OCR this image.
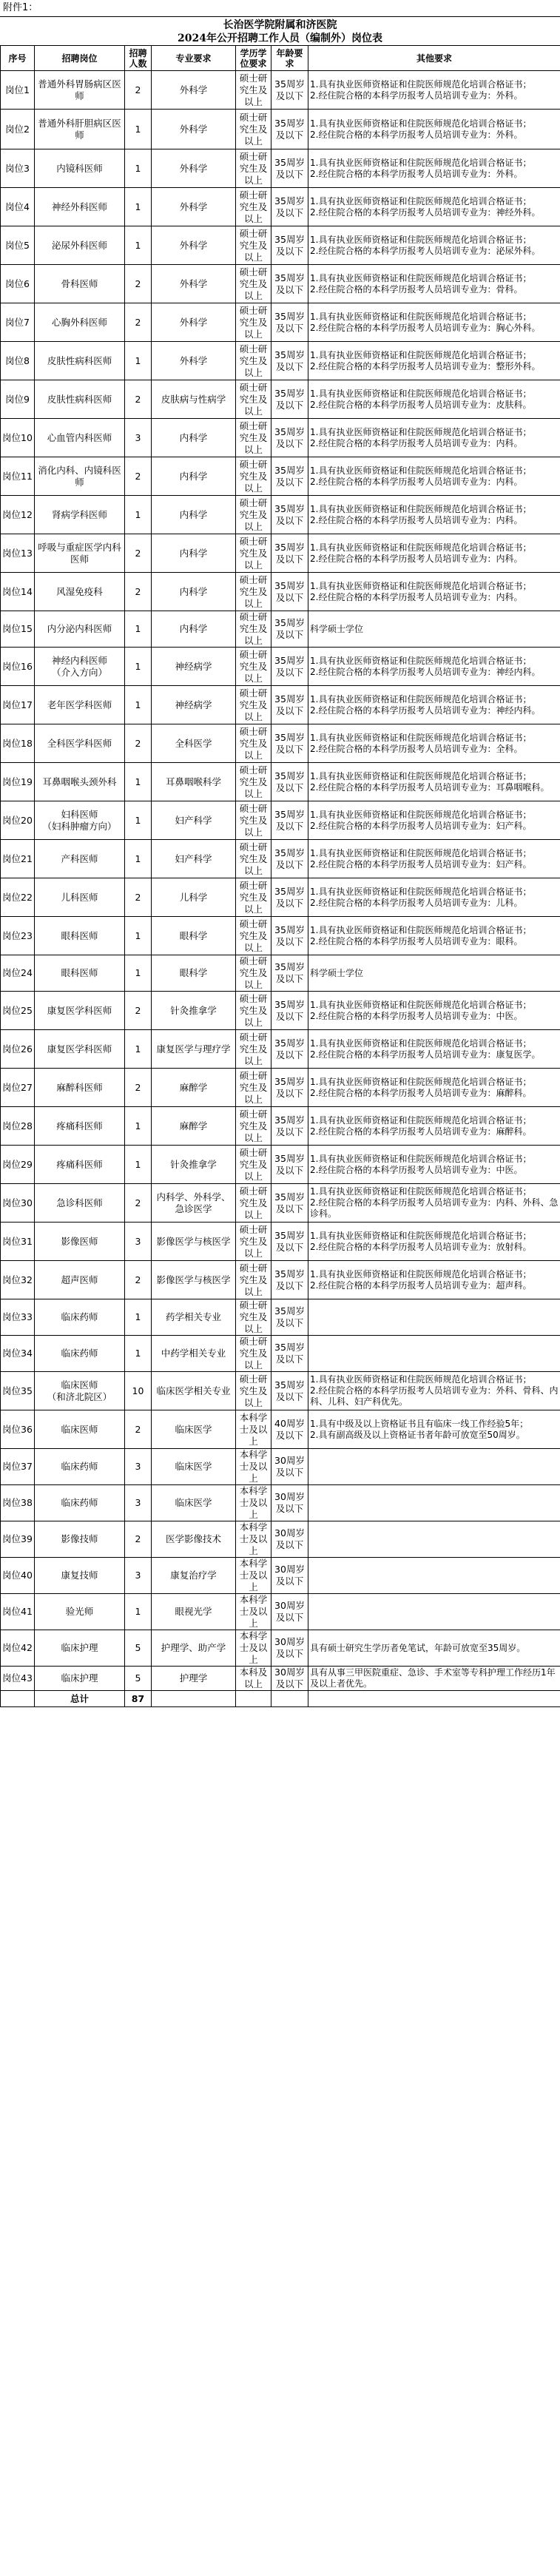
附件1：
长治医学院附属和济医院
2024年公开招聘工作人员（编制外）岗位表
序号	招聘岗位	招聘人数	专业要求	学历学位要求	年龄要求	其他要求
岗位1	普通外科胃肠病区医师	2	外科学	硕士研究生及以上	35周岁及以下	1.具有执业医师资格证和住院医师规范化培训合格证书；
2.经住院合格的本科学历报考人员培训专业为：外科。
岗位2	普通外科肝胆病区医师	1	外科学	硕士研究生及以上	35周岁及以下	1.具有执业医师资格证和住院医师规范化培训合格证书；
2.经住院合格的本科学历报考人员培训专业为：外科。
岗位3	内镜科医师	1	外科学	硕士研究生及以上	35周岁及以下	1.具有执业医师资格证和住院医师规范化培训合格证书；
2.经住院合格的本科学历报考人员培训专业为：外科。
岗位4	神经外科医师	1	外科学	硕士研究生及以上	35周岁及以下	1.具有执业医师资格证和住院医师规范化培训合格证书；
2.经住院合格的本科学历报考人员培训专业为：神经外科。
岗位5	泌尿外科医师	1	外科学	硕士研究生及以上	35周岁及以下	1.具有执业医师资格证和住院医师规范化培训合格证书；
2.经住院合格的本科学历报考人员培训专业为：泌尿外科。
岗位6	骨科医师	2	外科学	硕士研究生及以上	35周岁及以下	1.具有执业医师资格证和住院医师规范化培训合格证书；
2.经住院合格的本科学历报考人员培训专业为：骨科。
岗位7	心胸外科医师	2	外科学	硕士研究生及以上	35周岁及以下	1.具有执业医师资格证和住院医师规范化培训合格证书；
2.经住院合格的本科学历报考人员培训专业为：胸心外科。
岗位8	皮肤性病科医师	1	外科学	硕士研究生及以上	35周岁及以下	1.具有执业医师资格证和住院医师规范化培训合格证书；
2.经住院合格的本科学历报考人员培训专业为：整形外科。
岗位9	皮肤性病科医师	2	皮肤病与性病学	硕士研究生及以上	35周岁及以下	1.具有执业医师资格证和住院医师规范化培训合格证书；
2.经住院合格的本科学历报考人员培训专业为：皮肤科。
岗位10	心血管内科医师	3	内科学	硕士研究生及以上	35周岁及以下	1.具有执业医师资格证和住院医师规范化培训合格证书；
2.经住院合格的本科学历报考人员培训专业为：内科。
岗位11	消化内科、内镜科医师	2	内科学	硕士研究生及以上	35周岁及以下	1.具有执业医师资格证和住院医师规范化培训合格证书；
2.经住院合格的本科学历报考人员培训专业为：内科。
岗位12	肾病学科医师	1	内科学	硕士研究生及以上	35周岁及以下	1.具有执业医师资格证和住院医师规范化培训合格证书；
2.经住院合格的本科学历报考人员培训专业为：内科。
岗位13	呼吸与重症医学内科医师	2	内科学	硕士研究生及以上	35周岁及以下	1.具有执业医师资格证和住院医师规范化培训合格证书；
2.经住院合格的本科学历报考人员培训专业为：内科。
岗位14	风湿免疫科	2	内科学	硕士研究生及以上	35周岁及以下	1.具有执业医师资格证和住院医师规范化培训合格证书；
2.经住院合格的本科学历报考人员培训专业为：内科。
岗位15	内分泌内科医师	1	内科学	硕士研究生及以上	35周岁及以下	科学硕士学位
岗位16	神经内科医师
（介入方向）	1	神经病学	硕士研究生及以上	35周岁及以下	1.具有执业医师资格证和住院医师规范化培训合格证书；
2.经住院合格的本科学历报考人员培训专业为：神经内科。
岗位17	老年医学科医师	1	神经病学	硕士研究生及以上	35周岁及以下	1.具有执业医师资格证和住院医师规范化培训合格证书；
2.经住院合格的本科学历报考人员培训专业为：神经内科。
岗位18	全科医学科医师	2	全科医学	硕士研究生及以上	35周岁及以下	1.具有执业医师资格证和住院医师规范化培训合格证书；
2.经住院合格的本科学历报考人员培训专业为：全科。
岗位19	耳鼻咽喉头颈外科	1	耳鼻咽喉科学	硕士研究生及以上	35周岁及以下	1.具有执业医师资格证和住院医师规范化培训合格证书；
2.经住院合格的本科学历报考人员培训专业为：耳鼻咽喉科。
岗位20	妇科医师
（妇科肿瘤方向）	1	妇产科学	硕士研究生及以上	35周岁及以下	1.具有执业医师资格证和住院医师规范化培训合格证书；
2.经住院合格的本科学历报考人员培训专业为：妇产科。
岗位21	产科医师	1	妇产科学	硕士研究生及以上	35周岁及以下	1.具有执业医师资格证和住院医师规范化培训合格证书；
2.经住院合格的本科学历报考人员培训专业为：妇产科。
岗位22	儿科医师	2	儿科学	硕士研究生及以上	35周岁及以下	1.具有执业医师资格证和住院医师规范化培训合格证书；
2.经住院合格的本科学历报考人员培训专业为：儿科。
岗位23	眼科医师	1	眼科学	硕士研究生及以上	35周岁及以下	1.具有执业医师资格证和住院医师规范化培训合格证书；
2.经住院合格的本科学历报考人员培训专业为：眼科。
岗位24	眼科医师	1	眼科学	硕士研究生及以上	35周岁及以下	科学硕士学位
岗位25	康复医学科医师	2	针灸推拿学	硕士研究生及以上	35周岁及以下	1.具有执业医师资格证和住院医师规范化培训合格证书；
2.经住院合格的本科学历报考人员培训专业为：中医。
岗位26	康复医学科医师	1	康复医学与理疗学	硕士研究生及以上	35周岁及以下	1.具有执业医师资格证和住院医师规范化培训合格证书；
2.经住院合格的本科学历报考人员培训专业为：康复医学。
岗位27	麻醉科医师	2	麻醉学	硕士研究生及以上	35周岁及以下	1.具有执业医师资格证和住院医师规范化培训合格证书；
2.经住院合格的本科学历报考人员培训专业为：麻醉科。
岗位28	疼痛科医师	1	麻醉学	硕士研究生及以上	35周岁及以下	1.具有执业医师资格证和住院医师规范化培训合格证书；
2.经住院合格的本科学历报考人员培训专业为：麻醉科。
岗位29	疼痛科医师	1	针灸推拿学	硕士研究生及以上	35周岁及以下	1.具有执业医师资格证和住院医师规范化培训合格证书；
2.经住院合格的本科学历报考人员培训专业为：中医。
岗位30	急诊科医师	2	内科学、外科学、急诊医学	硕士研究生及以上	35周岁及以下	1.具有执业医师资格证和住院医师规范化培训合格证书；
2.经住院合格的本科学历报考人员培训专业为：内科、外科、急诊科。
岗位31	影像医师	3	影像医学与核医学	硕士研究生及以上	35周岁及以下	1.具有执业医师资格证和住院医师规范化培训合格证书；
2.经住院合格的本科学历报考人员培训专业为：放射科。
岗位32	超声医师	2	影像医学与核医学	硕士研究生及以上	35周岁及以下	1.具有执业医师资格证和住院医师规范化培训合格证书；
2.经住院合格的本科学历报考人员培训专业为：超声科。
岗位33	临床药师	1	药学相关专业	硕士研究生及以上	35周岁及以下	
岗位34	临床药师	1	中药学相关专业	硕士研究生及以上	35周岁及以下	
岗位35	临床医师
（和济北院区）	10	临床医学相关专业	硕士研究生及以上	35周岁及以下	1.具有执业医师资格证和住院医师规范化培训合格证书；
2.经住院合格的本科学历报考人员培训专业为：外科、骨科、内科、儿科、妇产科优先。
岗位36	临床医师	2	临床医学	本科学士及以上	40周岁及以下	1.具有中级及以上资格证书且有临床一线工作经验5年；
2.具有副高级及以上资格证书者年龄可放宽至50周岁。
岗位37	临床药师	3	临床医学	本科学士及以上	30周岁及以下	
岗位38	临床药师	3	临床医学	本科学士及以上	30周岁及以下	
岗位39	影像技师	2	医学影像技术	本科学士及以上	30周岁及以下	
岗位40	康复技师	3	康复治疗学	本科学士及以上	30周岁及以下	
岗位41	验光师	1	眼视光学	本科学士及以上	30周岁及以下	
岗位42	临床护理	5	护理学、助产学	本科学士及以上	30周岁及以下	具有硕士研究生学历者免笔试，年龄可放宽至35周岁。
岗位43	临床护理	5	护理学	本科及以上	30周岁及以下	具有从事三甲医院重症、急诊、手术室等专科护理工作经历1年及以上者优先。
	总计	87				
